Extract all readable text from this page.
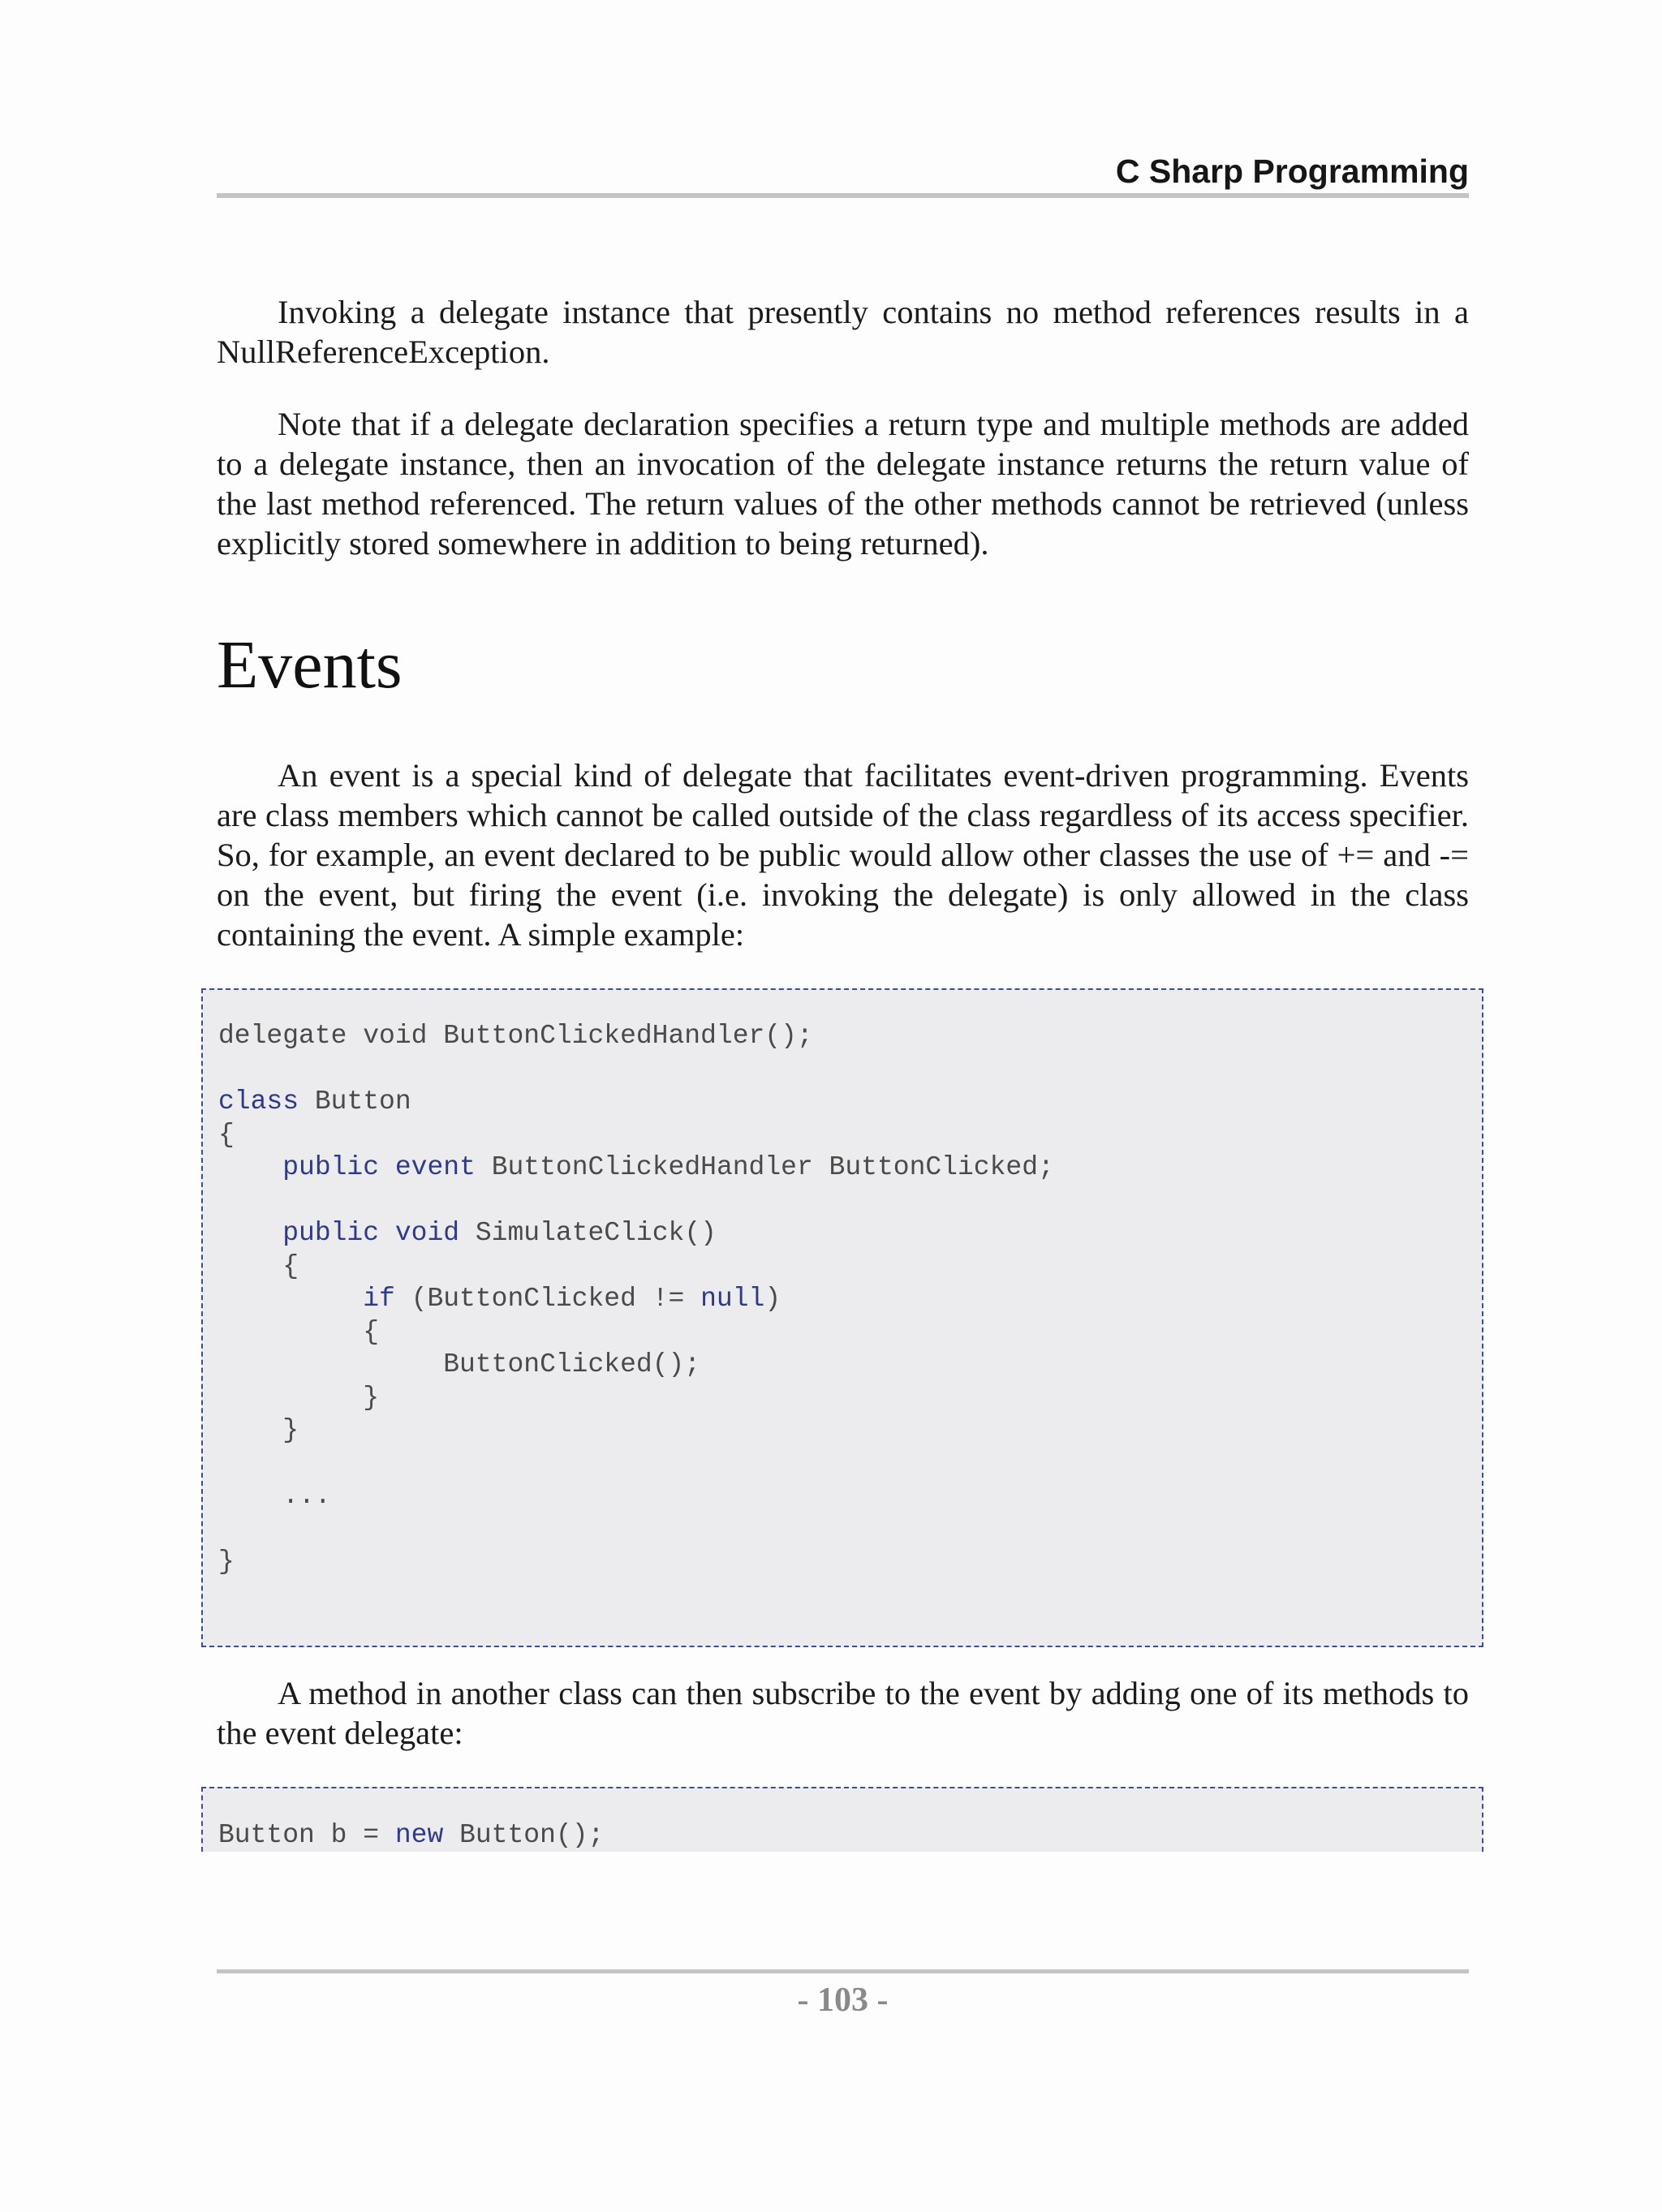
C Sharp Programming

Invoking a delegate instance that presently contains no method references results in a NullReferenceException.

Note that if a delegate declaration specifies a return type and multiple methods are added to a delegate instance, then an invocation of the delegate instance returns the return value of the last method referenced. The return values of the other methods cannot be retrieved (unless explicitly stored somewhere in addition to being returned).

Events

An event is a special kind of delegate that facilitates event-driven programming. Events are class members which cannot be called outside of the class regardless of its access specifier. So, for example, an event declared to be public would allow other classes the use of += and -= on the event, but firing the event (i.e. invoking the delegate) is only allowed in the class containing the event. A simple example:

delegate void ButtonClickedHandler();

class Button
{
public event ButtonClickedHandler ButtonClicked;

public void SimulateClick()
{
if (ButtonClicked != null)
{
ButtonClicked();
}
}

...

}

A method in another class can then subscribe to the event by adding one of its methods to the event delegate:

Button b = new Button();
- 103 -
